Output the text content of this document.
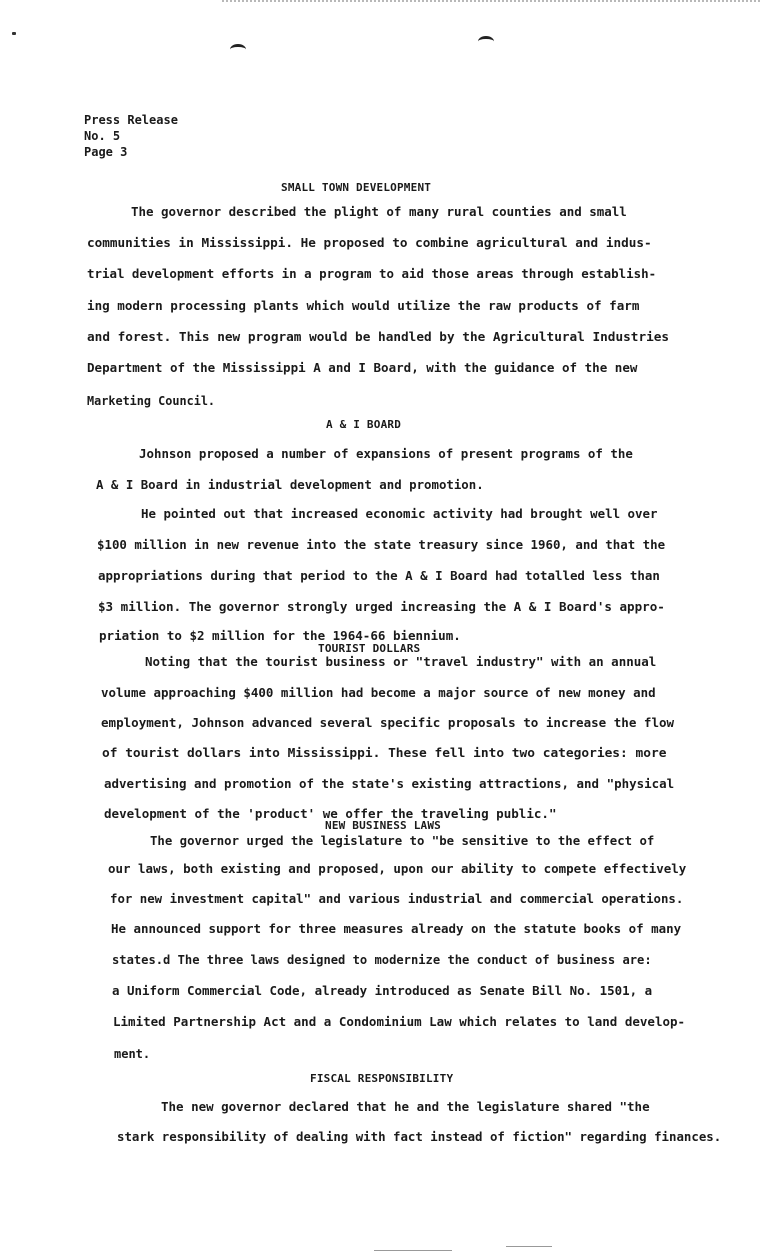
Press Release
No. 5
Page 3
SMALL TOWN DEVELOPMENT
The governor described the plight of many rural counties and small
communities in Mississippi. He proposed to combine agricultural and indus-
trial development efforts in a program to aid those areas through establish-
ing modern processing plants which would utilize the raw products of farm
and forest. This new program would be handled by the Agricultural Industries
Department of the Mississippi A and I Board, with the guidance of the new
Marketing Council.
A & I BOARD
Johnson proposed a number of expansions of present programs of the
A & I Board in industrial development and promotion.
He pointed out that increased economic activity had brought well over
$100 million in new revenue into the state treasury since 1960, and that the
appropriations during that period to the A & I Board had totalled less than
$3 million. The governor strongly urged increasing the A & I Board's appro-
priation to $2 million for the 1964-66 biennium.
TOURIST DOLLARS
Noting that the tourist business or "travel industry" with an annual
volume approaching $400 million had become a major source of new money and
employment, Johnson advanced several specific proposals to increase the flow
of tourist dollars into Mississippi. These fell into two categories: more
advertising and promotion of the state's existing attractions, and "physical
development of the 'product' we offer the traveling public."
NEW BUSINESS LAWS
The governor urged the legislature to "be sensitive to the effect of
our laws, both existing and proposed, upon our ability to compete effectively
for new investment capital" and various industrial and commercial operations.
He announced support for three measures already on the statute books of many
states.d The three laws designed to modernize the conduct of business are:
a Uniform Commercial Code, already introduced as Senate Bill No. 1501, a
Limited Partnership Act and a Condominium Law which relates to land develop-
ment.
FISCAL RESPONSIBILITY
The new governor declared that he and the legislature shared "the
stark responsibility of dealing with fact instead of fiction" regarding finances.
